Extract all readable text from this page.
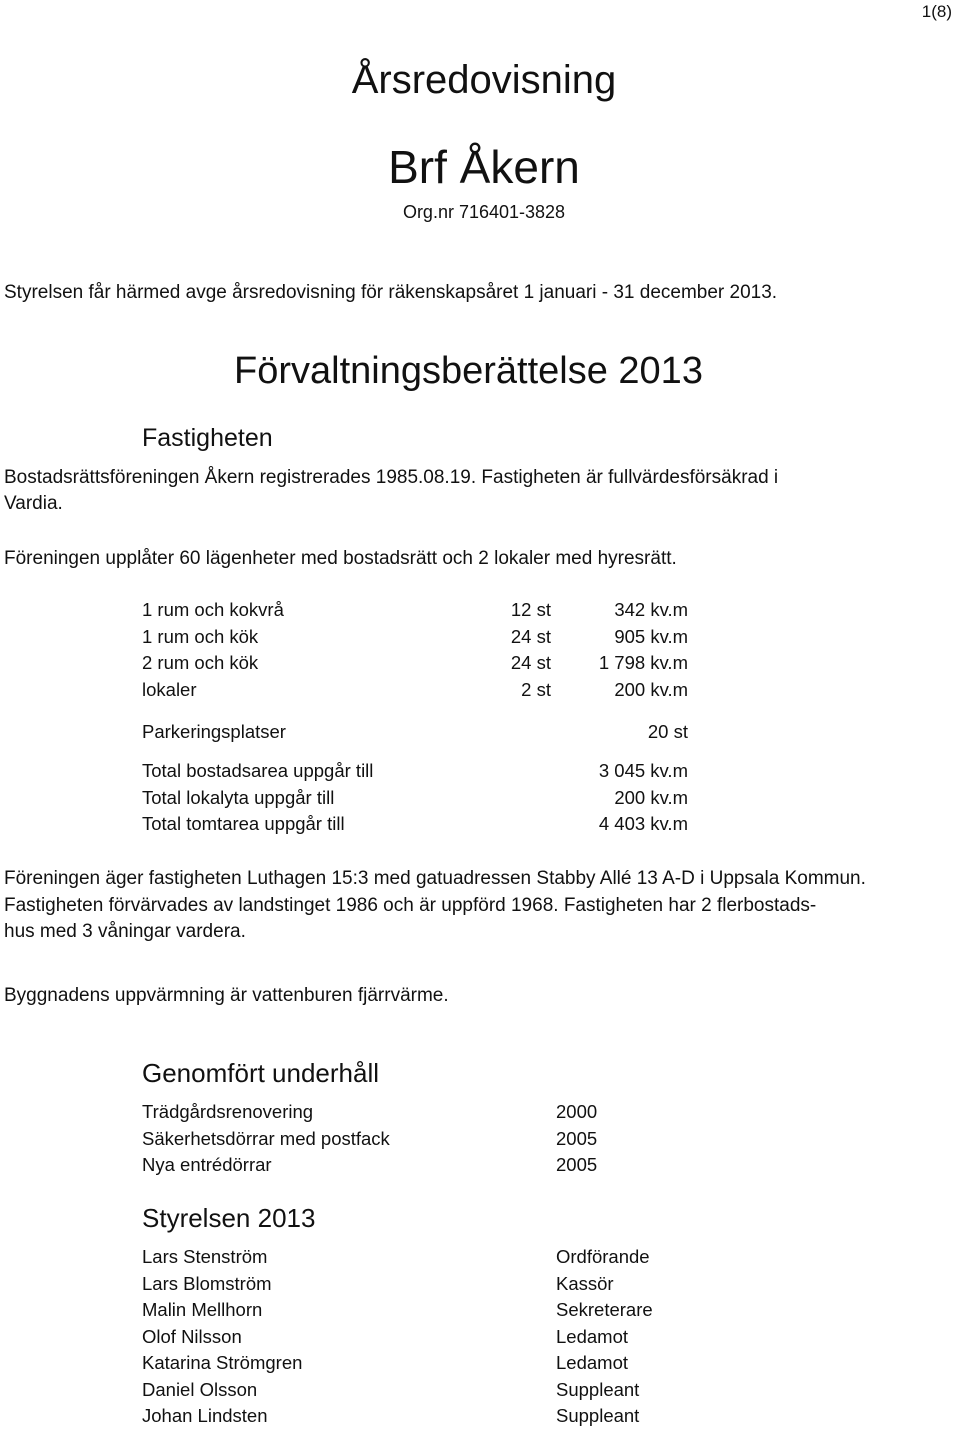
1(8)
Årsredovisning
Brf Åkern
Org.nr 716401-3828
Styrelsen får härmed avge årsredovisning för räkenskapsåret 1 januari - 31 december 2013.
Förvaltningsberättelse 2013
Fastigheten
Bostadsrättsföreningen Åkern registrerades 1985.08.19. Fastigheten är fullvärdesförsäkrad i
Vardia.
Föreningen upplåter 60 lägenheter med bostadsrätt och 2 lokaler med hyresrätt.
1 rum och kokvrå	12 st	342 kv.m
1 rum och kök	24 st	905 kv.m
2 rum och kök	24 st	1 798 kv.m
lokaler	2 st	200 kv.m
Parkeringsplatser	20 st
Total bostadsarea uppgår till	3 045 kv.m
Total lokalyta uppgår till	200 kv.m
Total tomtarea uppgår till	4 403 kv.m
Föreningen äger fastigheten Luthagen 15:3 med gatuadressen Stabby Allé 13 A-D i Uppsala Kommun.
Fastigheten förvärvades av landstinget 1986 och är uppförd 1968. Fastigheten har 2 flerbostads-
hus med 3 våningar vardera.
Byggnadens uppvärmning är vattenburen fjärrvärme.
Genomfört underhåll
Trädgårdsrenovering	2000
Säkerhetsdörrar med postfack	2005
Nya entrédörrar	2005
Styrelsen 2013
Lars Stenström	Ordförande
Lars Blomström	Kassör
Malin Mellhorn	Sekreterare
Olof Nilsson	Ledamot
Katarina Strömgren	Ledamot
Daniel Olsson	Suppleant
Johan Lindsten	Suppleant
